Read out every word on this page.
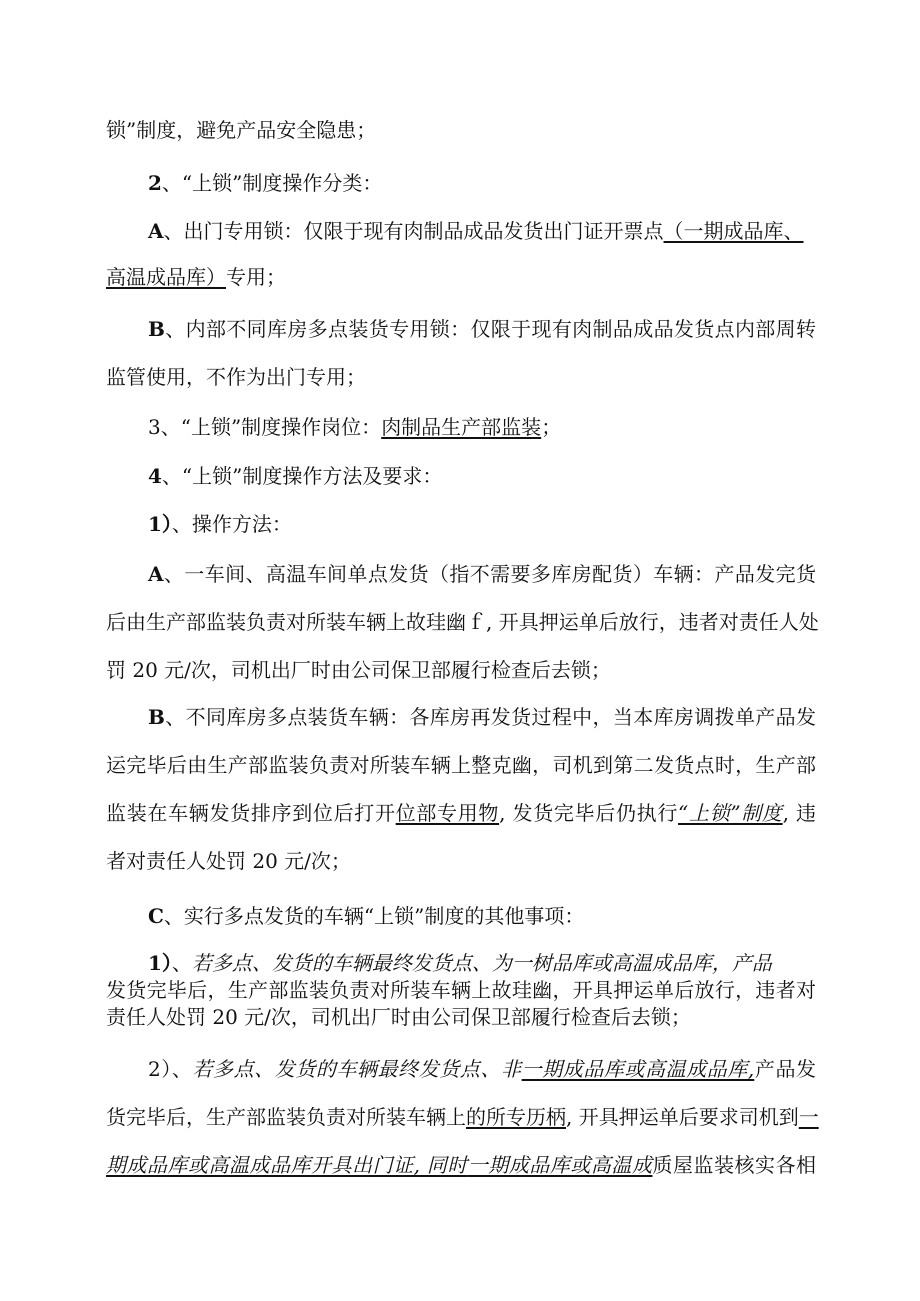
锁”制度，避免产品安全隐患；
2、“上锁”制度操作分类：
A、出门专用锁：仅限于现有肉制品成品发货出门证开票点（一期成品库、
高温成品库）专用；
B、内部不同库房多点装货专用锁：仅限于现有肉制品成品发货点内部周转
监管使用，不作为出门专用；
3、“上锁”制度操作岗位：肉制品生产部监装；
4、“上锁”制度操作方法及要求：
1）、操作方法：
A、一车间、高温车间单点发货（指不需要多库房配货）车辆：产品发完货
后由生产部监装负责对所装车辆上故珪幽ｆ, 开具押运单后放行，违者对责任人处
罚 20 元/次，司机出厂时由公司保卫部履行检查后去锁；
B、不同库房多点装货车辆：各库房再发货过程中，当本库房调拨单产品发
运完毕后由生产部监装负责对所装车辆上整克幽，司机到第二发货点时，生产部
监装在车辆发货排序到位后打开位部专用物, 发货完毕后仍执行“上锁”制度, 违
者对责任人处罚 20 元/次；
C、实行多点发货的车辆“上锁”制度的其他事项：
1）、若多点、发货的车辆最终发货点、为一树品库或高温成品库，产品
发货完毕后，生产部监装负责对所装车辆上故珪幽，开具押运单后放行，违者对
责任人处罚 20 元/次，司机出厂时由公司保卫部履行检查后去锁；
2）、若多点、发货的车辆最终发货点、非一期成品库或高温成品库,产品发
货完毕后，生产部监装负责对所装车辆上的所专历柄, 开具押运单后要求司机到一
期成品库或高温成品库开具出门证, 同时一期成品库或高温成质屋监装核实各相
